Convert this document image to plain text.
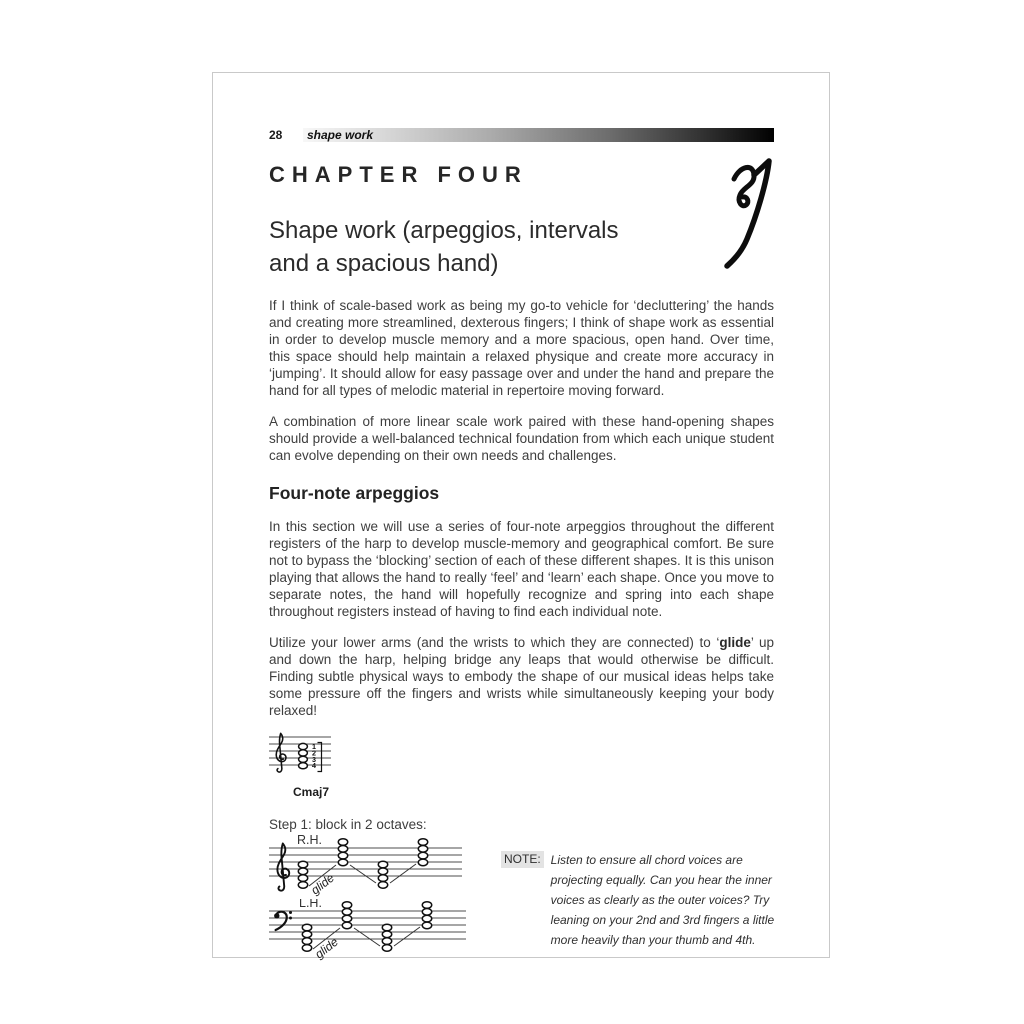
28	shape work
CHAPTER FOUR
Shape work (arpeggios, intervals and a spacious hand)

If I think of scale-based work as being my go-to vehicle for ‘decluttering’ the hands and creating more streamlined, dexterous fingers; I think of shape work as essential in order to develop muscle memory and a more spacious, open hand. Over time, this space should help maintain a relaxed physique and create more accuracy in ‘jumping’. It should allow for easy passage over and under the hand and prepare the hand for all types of melodic material in repertoire moving forward.

A combination of more linear scale work paired with these hand-opening shapes should provide a well-balanced technical foundation from which each unique student can evolve depending on their own needs and challenges.

Four-note arpeggios

In this section we will use a series of four-note arpeggios throughout the different registers of the harp to develop muscle-memory and geographical comfort. Be sure not to bypass the ‘blocking’ section of each of these different shapes. It is this unison playing that allows the hand to really ‘feel’ and ‘learn’ each shape. Once you move to separate notes, the hand will hopefully recognize and spring into each shape throughout registers instead of having to find each individual note.

Utilize your lower arms (and the wrists to which they are connected) to ‘glide’ up and down the harp, helping bridge any leaps that would otherwise be difficult. Finding subtle physical ways to embody the shape of our musical ideas helps take some pressure off the fingers and wrists while simultaneously keeping your body relaxed!

1
2
3
4
Cmaj7
Step 1: block in 2 octaves:
R.H.
glide
L.H.
glide
NOTE: Listen to ensure all chord voices are projecting equally. Can you hear the inner voices as clearly as the outer voices? Try leaning on your 2nd and 3rd fingers a little more heavily than your thumb and 4th.
